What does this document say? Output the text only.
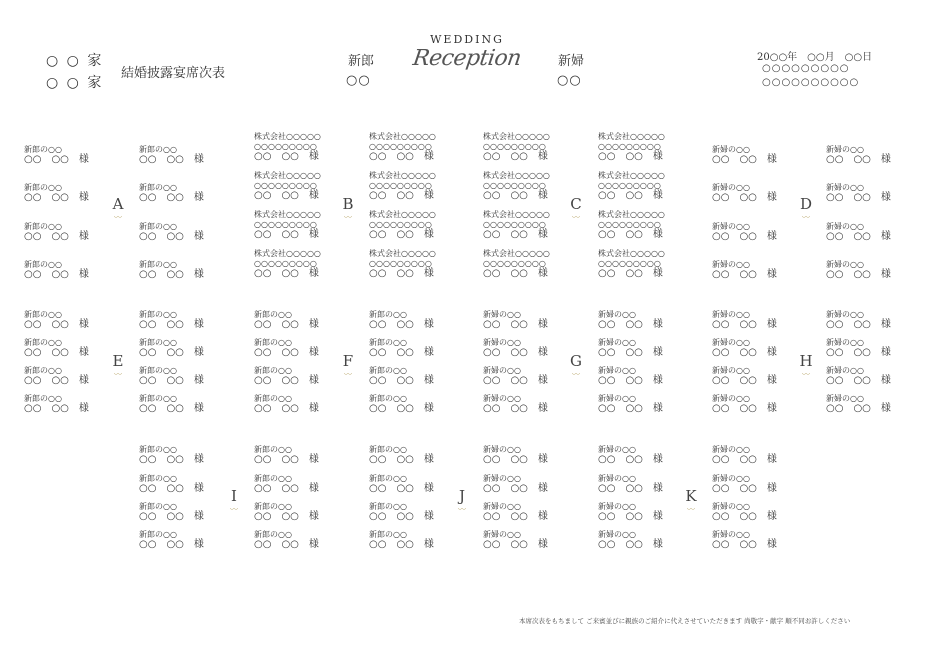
○ ○ 家
○ ○ 家
結婚披露宴席次表
新郎
○○
WEDDING
Reception	新婦
○○
20○○年　○○月　○○日
○○○○○○○○○
○○○○○○○○○○
新郎の○○
○○　○○ 様
新郎の○○
○○　○○ 様
新郎の○○
○○　○○ 様
新郎の○○
○○　○○ 様
新郎の○○
○○　○○ 様
新郎の○○
○○　○○ 様
新郎の○○
○○　○○ 様
新郎の○○
○○　○○ 様
株式会社○○○○○
○○○○○○○○○
○○　○○ 様
株式会社○○○○○
○○○○○○○○○
○○　○○ 様
株式会社○○○○○
○○○○○○○○○
○○　○○ 様
株式会社○○○○○
○○○○○○○○○
○○　○○ 様
株式会社○○○○○
○○○○○○○○○
○○　○○ 様
株式会社○○○○○
○○○○○○○○○
○○　○○ 様
株式会社○○○○○
○○○○○○○○○
○○　○○ 様
株式会社○○○○○
○○○○○○○○○
○○　○○ 様
株式会社○○○○○
○○○○○○○○○
○○　○○ 様
株式会社○○○○○
○○○○○○○○○
○○　○○ 様
株式会社○○○○○
○○○○○○○○○
○○　○○ 様
株式会社○○○○○
○○○○○○○○○
○○　○○ 様
株式会社○○○○○
○○○○○○○○○
○○　○○ 様
株式会社○○○○○
○○○○○○○○○
○○　○○ 様
株式会社○○○○○
○○○○○○○○○
○○　○○ 様
株式会社○○○○○
○○○○○○○○○
○○　○○ 様
新婦の○○
○○　○○ 様
新婦の○○
○○　○○ 様
新婦の○○
○○　○○ 様
新婦の○○
○○　○○ 様
新婦の○○
○○　○○ 様
新婦の○○
○○　○○ 様
新婦の○○
○○　○○ 様
新婦の○○
○○　○○ 様
A
〰
B
〰
C
〰
D
〰
新郎の○○
○○　○○ 様
新郎の○○
○○　○○ 様
新郎の○○
○○　○○ 様
新郎の○○
○○　○○ 様
新郎の○○
○○　○○ 様
新郎の○○
○○　○○ 様
新郎の○○
○○　○○ 様
新郎の○○
○○　○○ 様
新郎の○○
○○　○○ 様
新郎の○○
○○　○○ 様
新郎の○○
○○　○○ 様
新郎の○○
○○　○○ 様
新郎の○○
○○　○○ 様
新郎の○○
○○　○○ 様
新郎の○○
○○　○○ 様
新郎の○○
○○　○○ 様
新婦の○○
○○　○○ 様
新婦の○○
○○　○○ 様
新婦の○○
○○　○○ 様
新婦の○○
○○　○○ 様
新婦の○○
○○　○○ 様
新婦の○○
○○　○○ 様
新婦の○○
○○　○○ 様
新婦の○○
○○　○○ 様
新婦の○○
○○　○○ 様
新婦の○○
○○　○○ 様
新婦の○○
○○　○○ 様
新婦の○○
○○　○○ 様
新婦の○○
○○　○○ 様
新婦の○○
○○　○○ 様
新婦の○○
○○　○○ 様
新婦の○○
○○　○○ 様
E
〰
F
〰
G
〰
H
〰
新郎の○○
○○　○○ 様
新郎の○○
○○　○○ 様
新郎の○○
○○　○○ 様
新郎の○○
○○　○○ 様
新郎の○○
○○　○○ 様
新郎の○○
○○　○○ 様
新郎の○○
○○　○○ 様
新郎の○○
○○　○○ 様
新郎の○○
○○　○○ 様
新郎の○○
○○　○○ 様
新郎の○○
○○　○○ 様
新郎の○○
○○　○○ 様
新婦の○○
○○　○○ 様
新婦の○○
○○　○○ 様
新婦の○○
○○　○○ 様
新婦の○○
○○　○○ 様
新婦の○○
○○　○○ 様
新婦の○○
○○　○○ 様
新婦の○○
○○　○○ 様
新婦の○○
○○　○○ 様
新婦の○○
○○　○○ 様
新婦の○○
○○　○○ 様
新婦の○○
○○　○○ 様
新婦の○○
○○　○○ 様
I
〰
J
〰
K
〰
本席次表をもちまして ご来賓並びに親族のご紹介に代えさせていただきます 尚敬字・献字 順不同お許しください
